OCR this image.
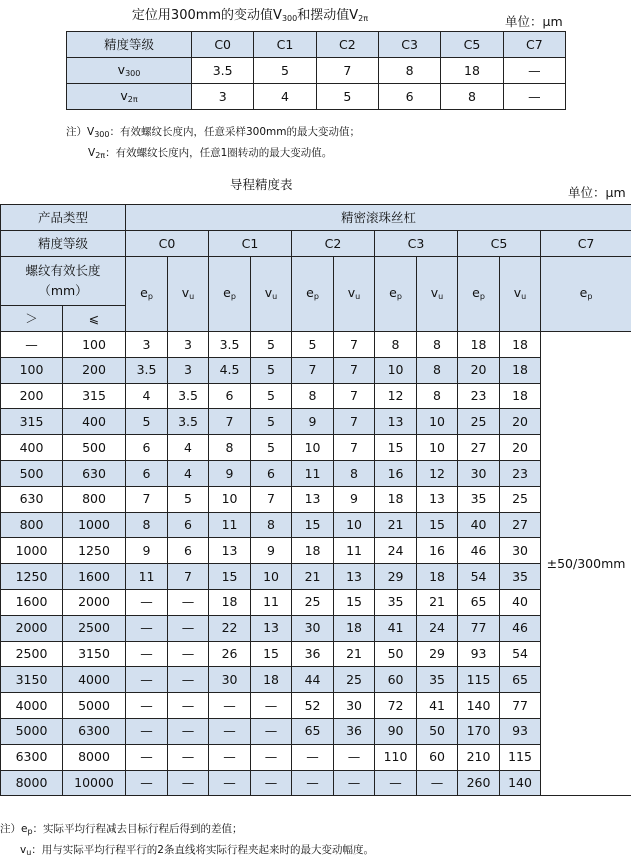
定位用300mm的变动值$V_{300}$和摆动值$V_{2\pi}$	单位：μm
精度等级	C0	C1	C2	C3	C5	C7
$v_{300}$	3.5	5	7	8	18	—
$v_{2\pi}$	3	4	5	6	8	—
注）$V_{300}$：有效螺纹长度内，任意采样300mm的最大变动值；
$V_{2\pi}$：有效螺纹长度内，任意1圈转动的最大变动值。
导程精度表
单位：μm
产品类型		精密滚珠丝杠										
精度等级		C0		C1		C2		C3		C5		C7

螺纹有效长度
（mm）		$e_p$	$v_u$	$e_p$	$v_u$	$e_p$	$v_u$	$e_p$	$v_u$	$e_p$	$v_u$	$e_p$
＞	⩽											
—	100	3	3	3.5	5	5	7	8	8	18	18	±50/300mm
100	200	3.5	3	4.5	5	7	7	10	8	20	18	
200	315	4	3.5	6	5	8	7	12	8	23	18	
315	400	5	3.5	7	5	9	7	13	10	25	20	
400	500	6	4	8	5	10	7	15	10	27	20	
500	630	6	4	9	6	11	8	16	12	30	23	
630	800	7	5	10	7	13	9	18	13	35	25	
800	1000	8	6	11	8	15	10	21	15	40	27	
1000	1250	9	6	13	9	18	11	24	16	46	30	
1250	1600	11	7	15	10	21	13	29	18	54	35	
1600	2000	—	—	18	11	25	15	35	21	65	40	
2000	2500	—	—	22	13	30	18	41	24	77	46	
2500	3150	—	—	26	15	36	21	50	29	93	54	
3150	4000	—	—	30	18	44	25	60	35	115	65	
4000	5000	—	—	—	—	52	30	72	41	140	77	
5000	6300	—	—	—	—	65	36	90	50	170	93	
6300	8000	—	—	—	—	—	—	110	60	210	115	
8000	10000	—	—	—	—	—	—	—	—	260	140	
注）$e_p$：实际平均行程减去目标行程后得到的差值；
$v_u$：用与实际平均行程平行的2条直线将实际行程夹起来时的最大变动幅度。
